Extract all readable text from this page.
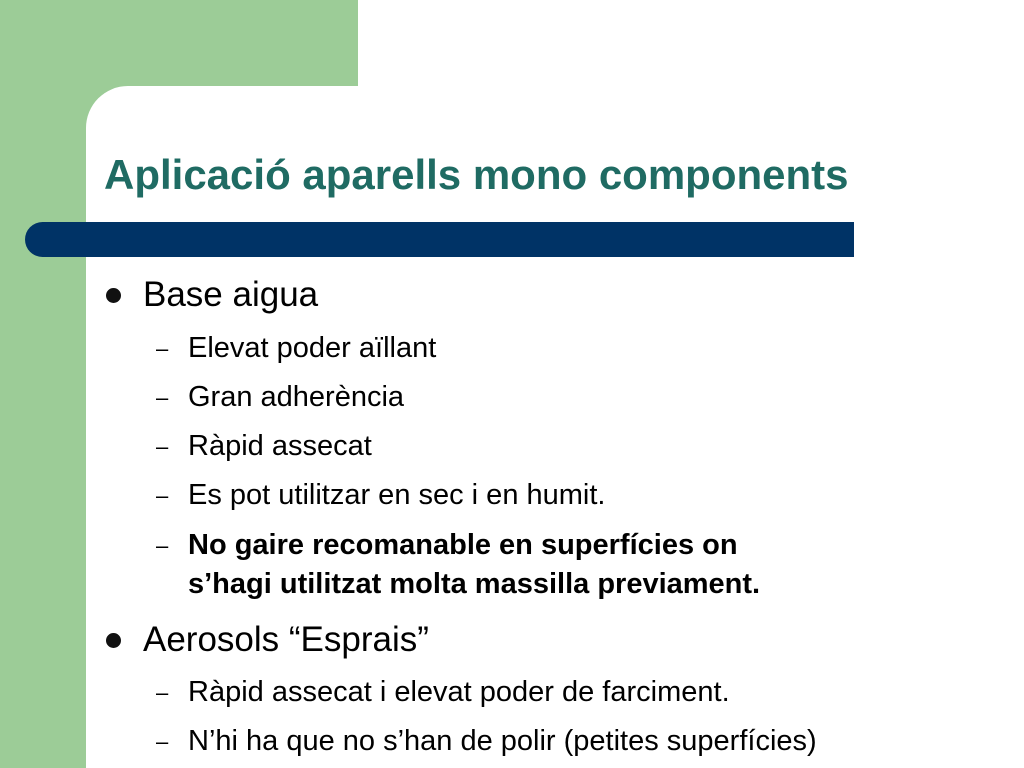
Aplicació aparells mono components
Base aigua
– Elevat poder aïllant
– Gran adherència
– Ràpid assecat
– Es pot utilitzar en sec i en humit.
– No gaire recomanable en superfícies on
s’hagi utilitzat molta massilla previament.
Aerosols “Esprais”
– Ràpid assecat i elevat poder de farciment.
– N’hi ha que no s’han de polir (petites superfícies)
